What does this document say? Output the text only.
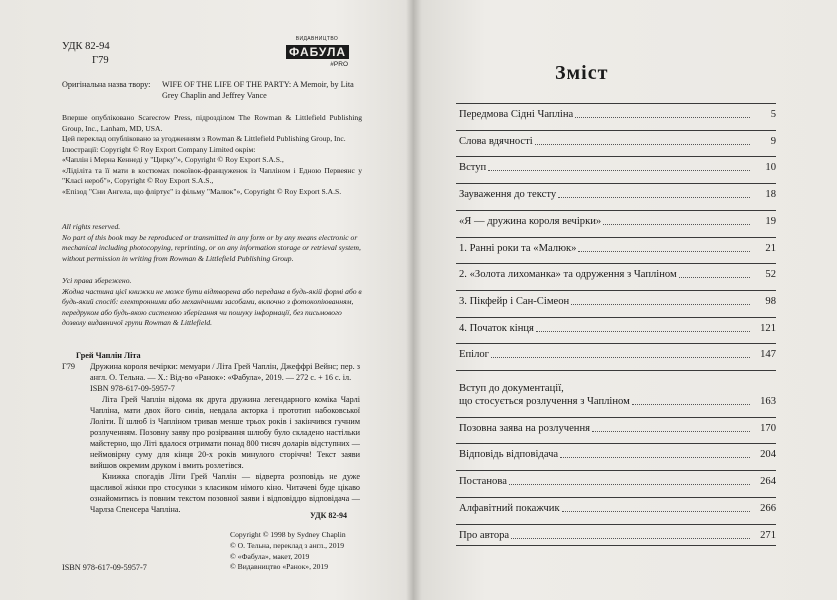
УДК 82-94
Г79
ВИДАВНИЦТВО
ФАБУЛА
#PRO
Оригінальна назва твору: WIFE OF THE LIFE OF THE PARTY: A Memoir, by Lita Grey Chaplin and Jeffrey Vance

Вперше опубліковано Scarecrow Press, підрозділом The Rowman & Littlefield Publishing Group, Inc., Lanham, MD, USA.

Цей переклад опубліковано за угодженням з Rowman & Littlefield Publishing Group, Inc.

Ілюстрації: Copyright © Roy Export Company Limited окрім:

«Чаплін і Мерна Кеннеді у "Цирку"», Copyright © Roy Export S.A.S.,

«Ліділіта та її мати в костюмах покоївок-француженок із Чапліном і Едною Первеянс у "Класі нероб"», Copyright © Roy Export S.A.S.,

«Епізод "Сни Ангела, що фліртує" із фільму "Малюк"», Copyright © Roy Export S.A.S.

All rights reserved.

No part of this book may be reproduced or transmitted in any form or by any means electronic or mechanical including photocopying, reprinting, or on any information storage or retrieval system, without permission in writing from Rowman & Littlefield Publishing Group.

Усі права збережено.

Жодна частина цієї книжки не може бути відтворена або передана в будь-якій формі або в будь-який спосіб: електронними або механічними засобами, включно з фотокопіюванням, передруком або будь-якою системою зберігання чи пошуку інформації, без письмового дозволу видавничої групи Rowman & Littlefield.

Грей Чаплін Літа
Г79 Дружина короля вечірки: мемуари / Літа Грей Чаплін, Джеффрі Вейнс; пер. з англ. О. Тельна. — Х.: Від-во «Ранок»: «Фабула», 2019. — 272 с. + 16 с. іл.

ISBN 978-617-09-5957-7

Літа Грей Чаплін відома як друга дружина легендарного коміка Чарлі Чапліна, мати двох його синів, невдала акторка і прототип набоковської Лоліти. Її шлюб із Чапліном тривав менше трьох років і закінчився гучним розлученням. Позовну заяву про розірвання шлюбу було складено настільки майстерно, що Літі вдалося отримати понад 800 тисяч доларів відступних — неймовірну суму для кінця 20-х років минулого сторіччя! Текст заяви вийшов окремим друком і вмить розлетівся.

Книжка спогадів Літи Грей Чаплін — відверта розповідь не дуже щасливої жінки про стосунки з класиком німого кіно. Читачеві буде цікаво ознайомитись із повним текстом позовної заяви і відповіддю відповідача — Чарлза Спенсера Чапліна.

УДК 82-94
ISBN 978-617-09-5957-7

Copyright © 1998 by Sydney Chaplin

© О. Тельна, переклад з англ., 2019

© «Фабула», макет, 2019

© Видавництво «Ранок», 2019

Зміст
Передмова Сідні Чапліна	5
Слова вдячності	9
Вступ	10
Зауваження до тексту	18
«Я — дружина короля вечірки»	19
1. Ранні роки та «Малюк»	21
2. «Золота лихоманка» та одруження з Чапліном	52
3. Пікфейр і Сан-Сімеон	98
4. Початок кінця	121
Епілог	147
Вступ до документації,
що стосується розлучення з Чапліном	163
Позовна заява на розлучення	170
Відповідь відповідача	204
Постанова	264
Алфавітний покажчик	266
Про автора	271
